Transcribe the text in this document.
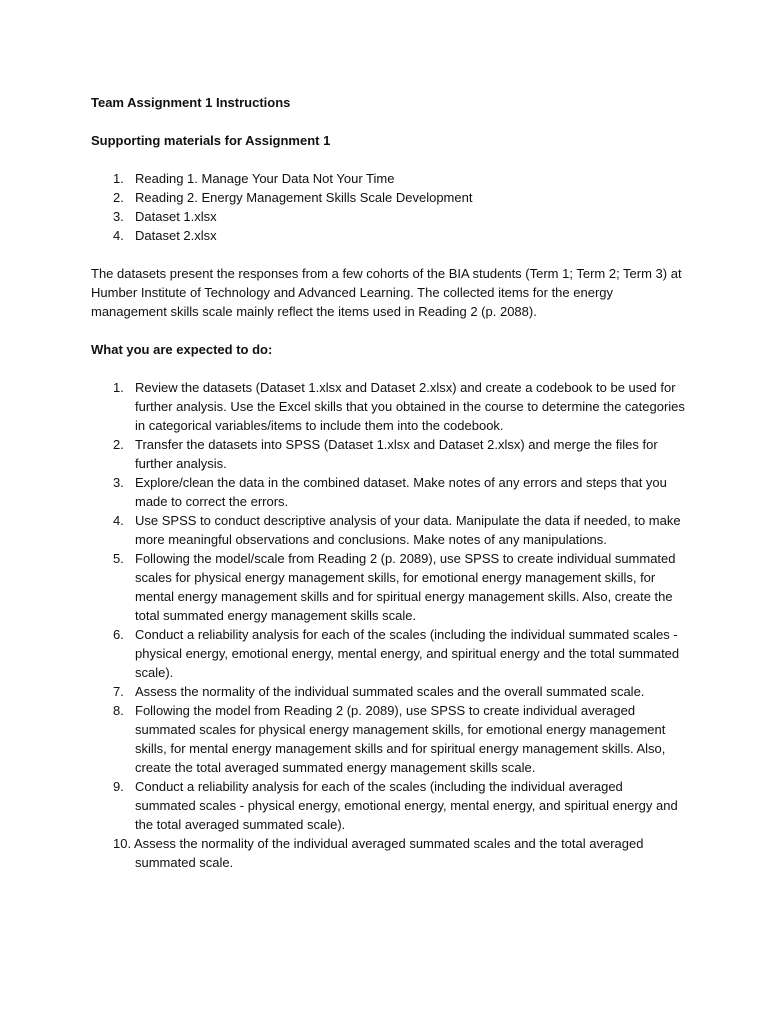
Team Assignment 1 Instructions

Supporting materials for Assignment 1

1. Reading 1. Manage Your Data Not Your Time
2. Reading 2. Energy Management Skills Scale Development
3. Dataset 1.xlsx
4. Dataset 2.xlsx

The datasets present the responses from a few cohorts of the BIA students (Term 1; Term 2; Term 3) at Humber Institute of Technology and Advanced Learning. The collected items for the energy management skills scale mainly reflect the items used in Reading 2 (p. 2088).

What you are expected to do:

1. Review the datasets (Dataset 1.xlsx and Dataset 2.xlsx) and create a codebook to be used for further analysis. Use the Excel skills that you obtained in the course to determine the categories in categorical variables/items to include them into the codebook.
2. Transfer the datasets into SPSS (Dataset 1.xlsx and Dataset 2.xlsx) and merge the files for further analysis.
3. Explore/clean the data in the combined dataset. Make notes of any errors and steps that you made to correct the errors.
4. Use SPSS to conduct descriptive analysis of your data. Manipulate the data if needed, to make more meaningful observations and conclusions. Make notes of any manipulations.
5. Following the model/scale from Reading 2 (p. 2089), use SPSS to create individual summated scales for physical energy management skills, for emotional energy management skills, for mental energy management skills and for spiritual energy management skills. Also, create the total summated energy management skills scale.
6. Conduct a reliability analysis for each of the scales (including the individual summated scales - physical energy, emotional energy, mental energy, and spiritual energy and the total summated scale).
7. Assess the normality of the individual summated scales and the overall summated scale.
8. Following the model from Reading 2 (p. 2089), use SPSS to create individual averaged summated scales for physical energy management skills, for emotional energy management skills, for mental energy management skills and for spiritual energy management skills. Also, create the total averaged summated energy management skills scale.
9. Conduct a reliability analysis for each of the scales (including the individual averaged summated scales - physical energy, emotional energy, mental energy, and spiritual energy and the total averaged summated scale).
10. Assess the normality of the individual averaged summated scales and the total averaged summated scale.
